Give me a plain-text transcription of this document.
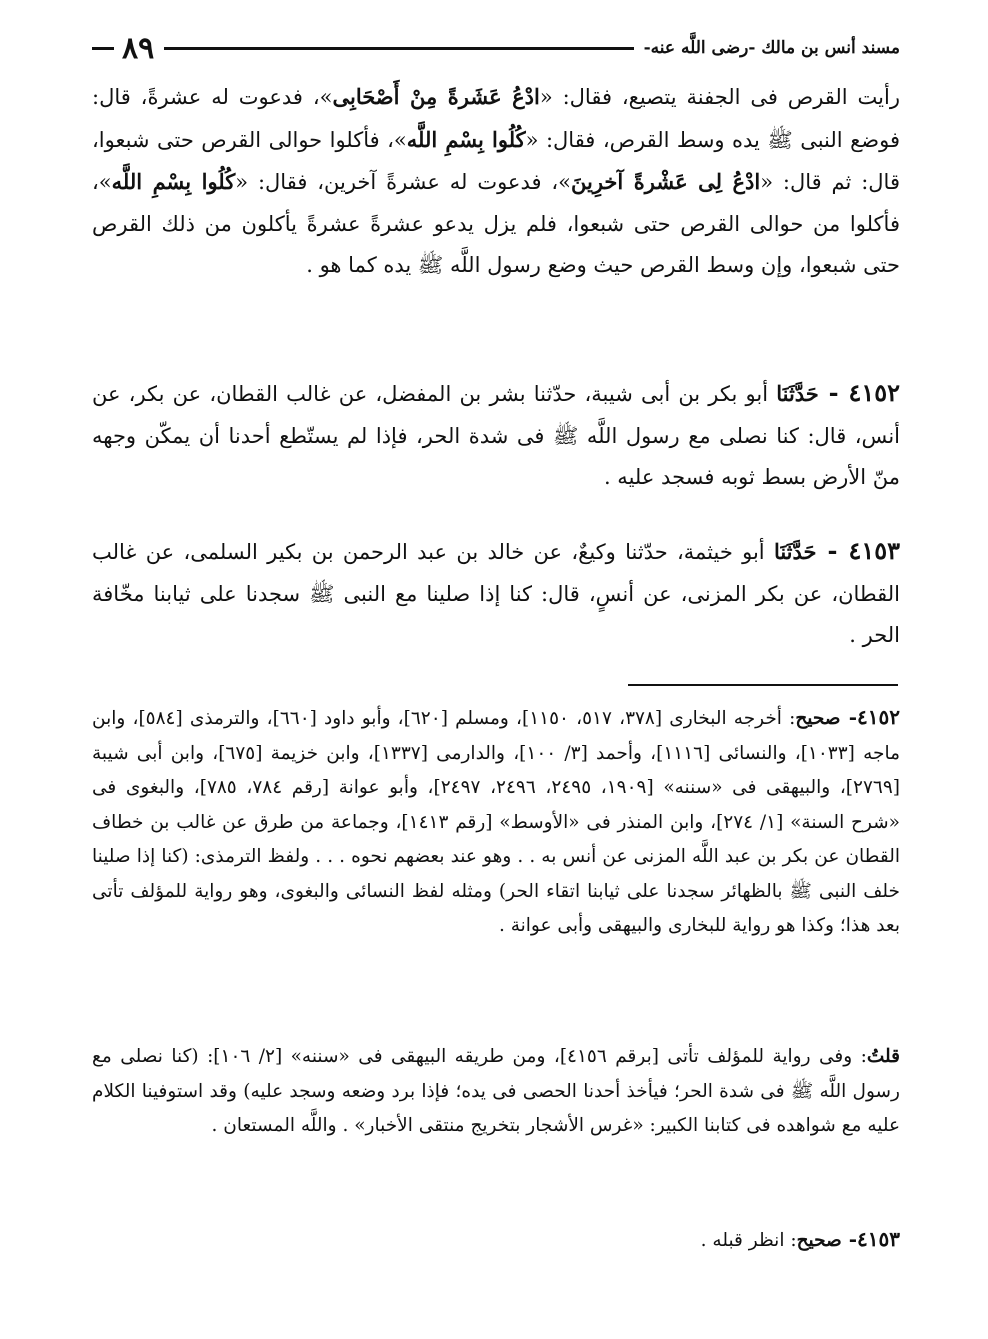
مسند أنس بن مالك -رضى اللَّه عنه-
٨٩
رأيت القرص فى الجفنة يتصيع، فقال: «ادْعُ عَشَرةً مِنْ أَصْحَابِى»، فدعوت له عشرةً، قال: فوضع النبى ﷺ يده وسط القرص، فقال: «كُلُوا بِسْمِ اللَّه»، فأكلوا حوالى القرص حتى شبعوا، قال: ثم قال: «ادْعُ لِى عَشْرةً آخرِينَ»، فدعوت له عشرةً آخرين، فقال: «كُلُوا بِسْمِ اللَّه»، فأكلوا من حوالى القرص حتى شبعوا، فلم يزل يدعو عشرةً عشرةً يأكلون من ذلك القرص حتى شبعوا، وإن وسط القرص حيث وضع رسول اللَّه ﷺ يده كما هو .
٤١٥٢ - حَدَّثَنَا أبو بكر بن أبى شيبة، حدّثنا بشر بن المفضل، عن غالب القطان، عن بكر، عن أنس، قال: كنا نصلى مع رسول اللَّه ﷺ فى شدة الحر، فإذا لم يستّطع أحدنا أن يمكّن وجهه منّ الأرض بسط ثوبه فسجد عليه .
٤١٥٣ - حَدَّثَنَا أبو خيثمة، حدّثنا وكيعٌ، عن خالد بن عبد الرحمن بن بكير السلمى، عن غالب القطان، عن بكر المزنى، عن أنسٍ، قال: كنا إذا صلينا مع النبى ﷺ سجدنا على ثيابنا مخّافة الحر .
٤١٥٢- صحيح: أخرجه البخارى [٣٧٨، ٥١٧، ١١٥٠]، ومسلم [٦٢٠]، وأبو داود [٦٦٠]، والترمذى [٥٨٤]، وابن ماجه [١٠٣٣]، والنسائى [١١١٦]، وأحمد [٣/ ١٠٠]، والدارمى [١٣٣٧]، وابن خزيمة [٦٧٥]، وابن أبى شيبة [٢٧٦٩]، والبيهقى فى «سننه» [١٩٠٩، ٢٤٩٥، ٢٤٩٦، ٢٤٩٧]، وأبو عوانة [رقم ٧٨٤، ٧٨٥]، والبغوى فى «شرح السنة» [١/ ٢٧٤]، وابن المنذر فى «الأوسط» [رقم ١٤١٣]، وجماعة من طرق عن غالب بن خطاف القطان عن بكر بن عبد اللَّه المزنى عن أنس به . . وهو عند بعضهم نحوه . . . ولفظ الترمذى: (كنا إذا صلينا خلف النبى ﷺ بالظهائر سجدنا على ثيابنا اتقاء الحر) ومثله لفظ النسائى والبغوى، وهو رواية للمؤلف تأتى بعد هذا؛ وكذا هو رواية للبخارى والبيهقى وأبى عوانة .
قلتُ: وفى رواية للمؤلف تأتى [برقم ٤١٥٦]، ومن طريقه البيهقى فى «سننه» [٢/ ١٠٦]: (كنا نصلى مع رسول اللَّه ﷺ فى شدة الحر؛ فيأخذ أحدنا الحصى فى يده؛ فإذا برد وضعه وسجد عليه) وقد استوفينا الكلام عليه مع شواهده فى كتابنا الكبير: «غرس الأشجار بتخريج منتقى الأخبار» . واللَّه المستعان .
٤١٥٣- صحيح: انظر قبله .
